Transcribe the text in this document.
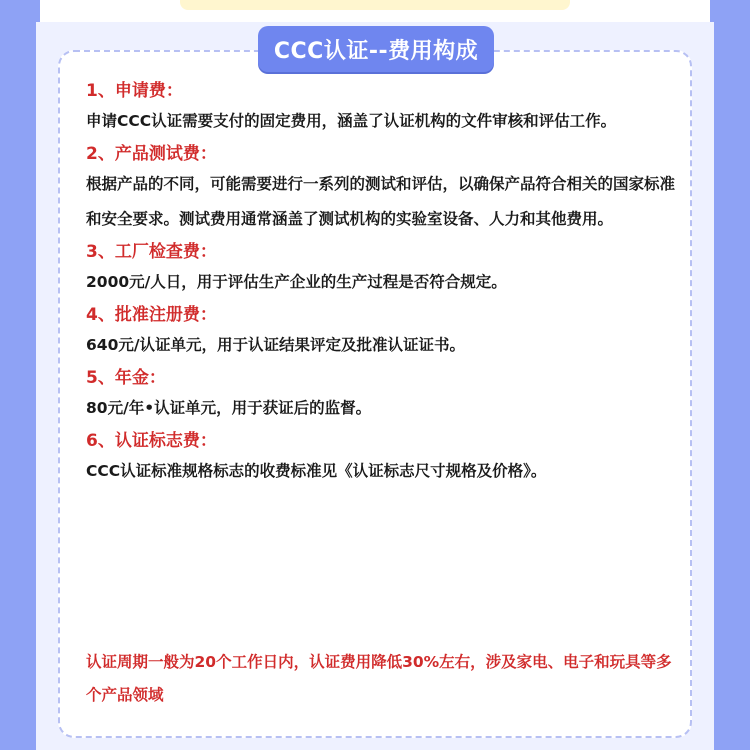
CCC认证--费用构成
1、申请费：
申请CCC认证需要支付的固定费用，涵盖了认证机构的文件审核和评估工作。
2、产品测试费：
根据产品的不同，可能需要进行一系列的测试和评估，以确保产品符合相关的国家标准和安全要求。测试费用通常涵盖了测试机构的实验室设备、人力和其他费用。
3、工厂检查费：
2000元/人日，用于评估生产企业的生产过程是否符合规定。
4、批准注册费：
640元/认证单元，用于认证结果评定及批准认证证书。
5、年金：
80元/年•认证单元，用于获证后的监督。
6、认证标志费：
CCC认证标准规格标志的收费标准见《认证标志尺寸规格及价格》。
认证周期一般为20个工作日内，认证费用降低30%左右，涉及家电、电子和玩具等多个产品领域
